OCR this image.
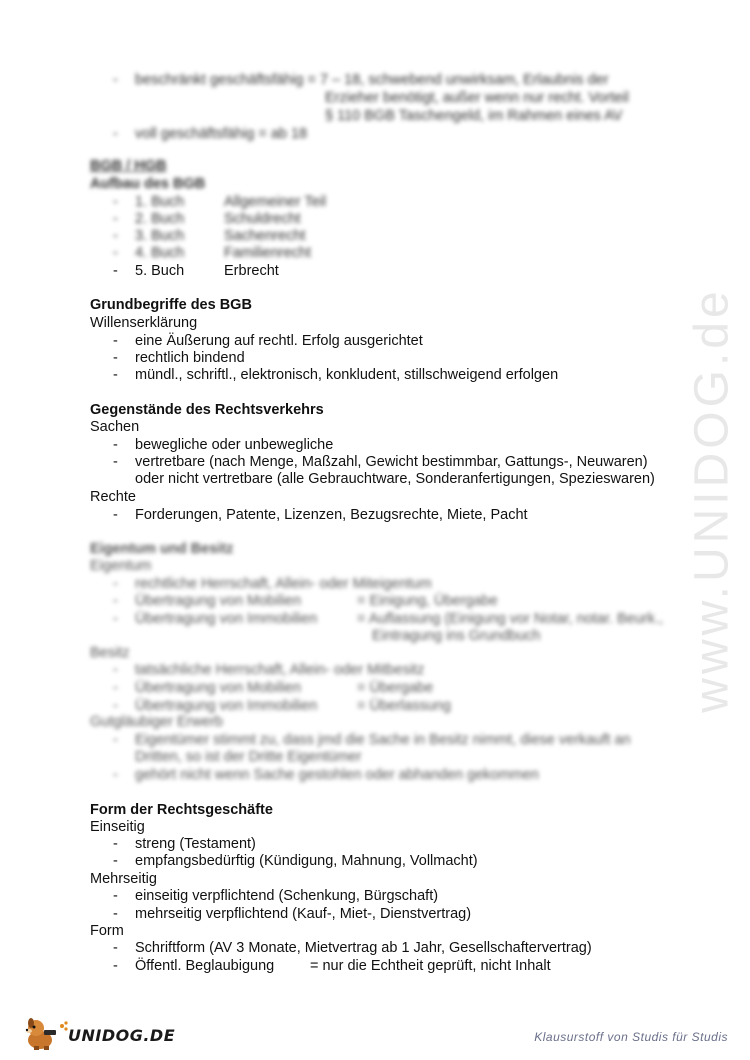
www.UNIDOG.de
- beschränkt geschäftsfähig = 7 – 18, schwebend unwirksam, Erlaubnis der
Erzieher benötigt, außer wenn nur recht. Vorteil
§ 110 BGB Taschengeld, im Rahmen eines AV
- voll geschäftsfähig = ab 18
BGB / HGB
Aufbau des BGB
- 1. Buch	Allgemeiner Teil
- 2. Buch	Schuldrecht
- 3. Buch	Sachenrecht
- 4. Buch	Familienrecht
- 5. Buch	Erbrecht
Grundbegriffe des BGB
Willenserklärung
- eine Äußerung auf rechtl. Erfolg ausgerichtet
- rechtlich bindend
- mündl., schriftl., elektronisch, konkludent, stillschweigend erfolgen
Gegenstände des Rechtsverkehrs
Sachen
- bewegliche oder unbewegliche
- vertretbare (nach Menge, Maßzahl, Gewicht bestimmbar, Gattungs-, Neuwaren)
oder nicht vertretbare (alle Gebrauchtware, Sonderanfertigungen, Spezieswaren)
Rechte
- Forderungen, Patente, Lizenzen, Bezugsrechte, Miete, Pacht
Eigentum und Besitz
Eigentum
- rechtliche Herrschaft, Allein- oder Miteigentum
- Übertragung von Mobilien	= Einigung, Übergabe
- Übertragung von Immobilien	= Auflassung (Einigung vor Notar, notar. Beurk.,
Eintragung ins Grundbuch
Besitz
- tatsächliche Herrschaft, Allein- oder Mitbesitz
- Übertragung von Mobilien	= Übergabe
- Übertragung von Immobilien	= Überlassung
Gutgläubiger Erwerb
- Eigentümer stimmt zu, dass jmd die Sache in Besitz nimmt, diese verkauft an
Dritten, so ist der Dritte Eigentümer
- gehört nicht wenn Sache gestohlen oder abhanden gekommen
Form der Rechtsgeschäfte
Einseitig
- streng (Testament)
- empfangsbedürftig (Kündigung, Mahnung, Vollmacht)
Mehrseitig
- einseitig verpflichtend (Schenkung, Bürgschaft)
- mehrseitig verpflichtend (Kauf-, Miet-, Dienstvertrag)
Form
- Schriftform (AV 3 Monate, Mietvertrag ab 1 Jahr, Gesellschaftervertrag)
- Öffentl. Beglaubigung = nur die Echtheit geprüft, nicht Inhalt
UNIDOG.DE	Klausurstoff von Studis für Studis
